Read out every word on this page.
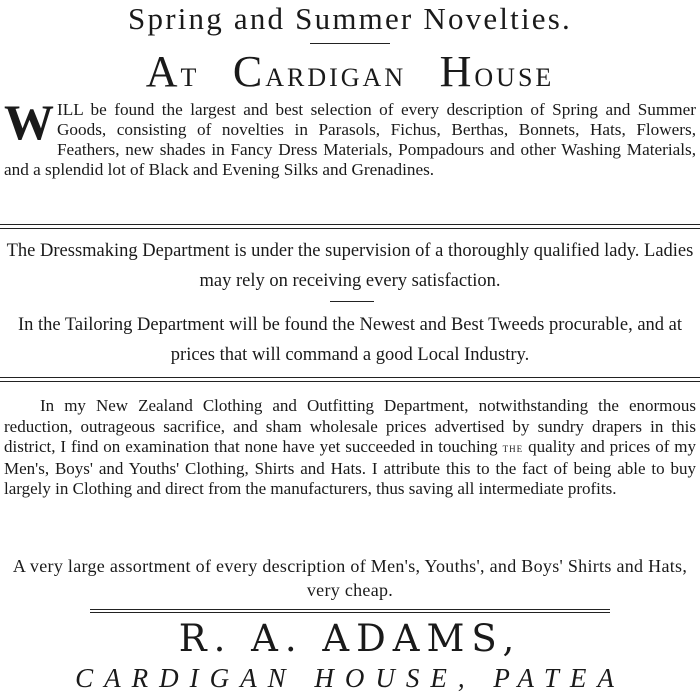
Spring and Summer Novelties.
AT CARDIGAN HOUSE
WILL be found the largest and best selection of every description of Spring and Summer Goods, consisting of novelties in Parasols, Fichus, Berthas, Bonnets, Hats, Flowers, Feathers, new shades in Fancy Dress Materials, Pompadours and other Washing Materials, and a splendid lot of Black and Evening Silks and Grenadines.
The Dressmaking Department is under the supervision of a thoroughly qualified lady. Ladies may rely on receiving every satisfaction.
In the Tailoring Department will be found the Newest and Best Tweeds procurable, and at prices that will command a good Local Industry.
In my New Zealand Clothing and Outfitting Department, notwithstanding the enormous reduction, outrageous sacrifice, and sham wholesale prices advertised by sundry drapers in this district, I find on examination that none have yet succeeded in touching the quality and prices of my Men's, Boys' and Youths' Clothing, Shirts and Hats. I attribute this to the fact of being able to buy largely in Clothing and direct from the manufacturers, thus saving all intermediate profits.
A very large assortment of every description of Men's, Youths', and Boys' Shirts and Hats, very cheap.
R. A. ADAMS,
CARDIGAN HOUSE, PATEA
